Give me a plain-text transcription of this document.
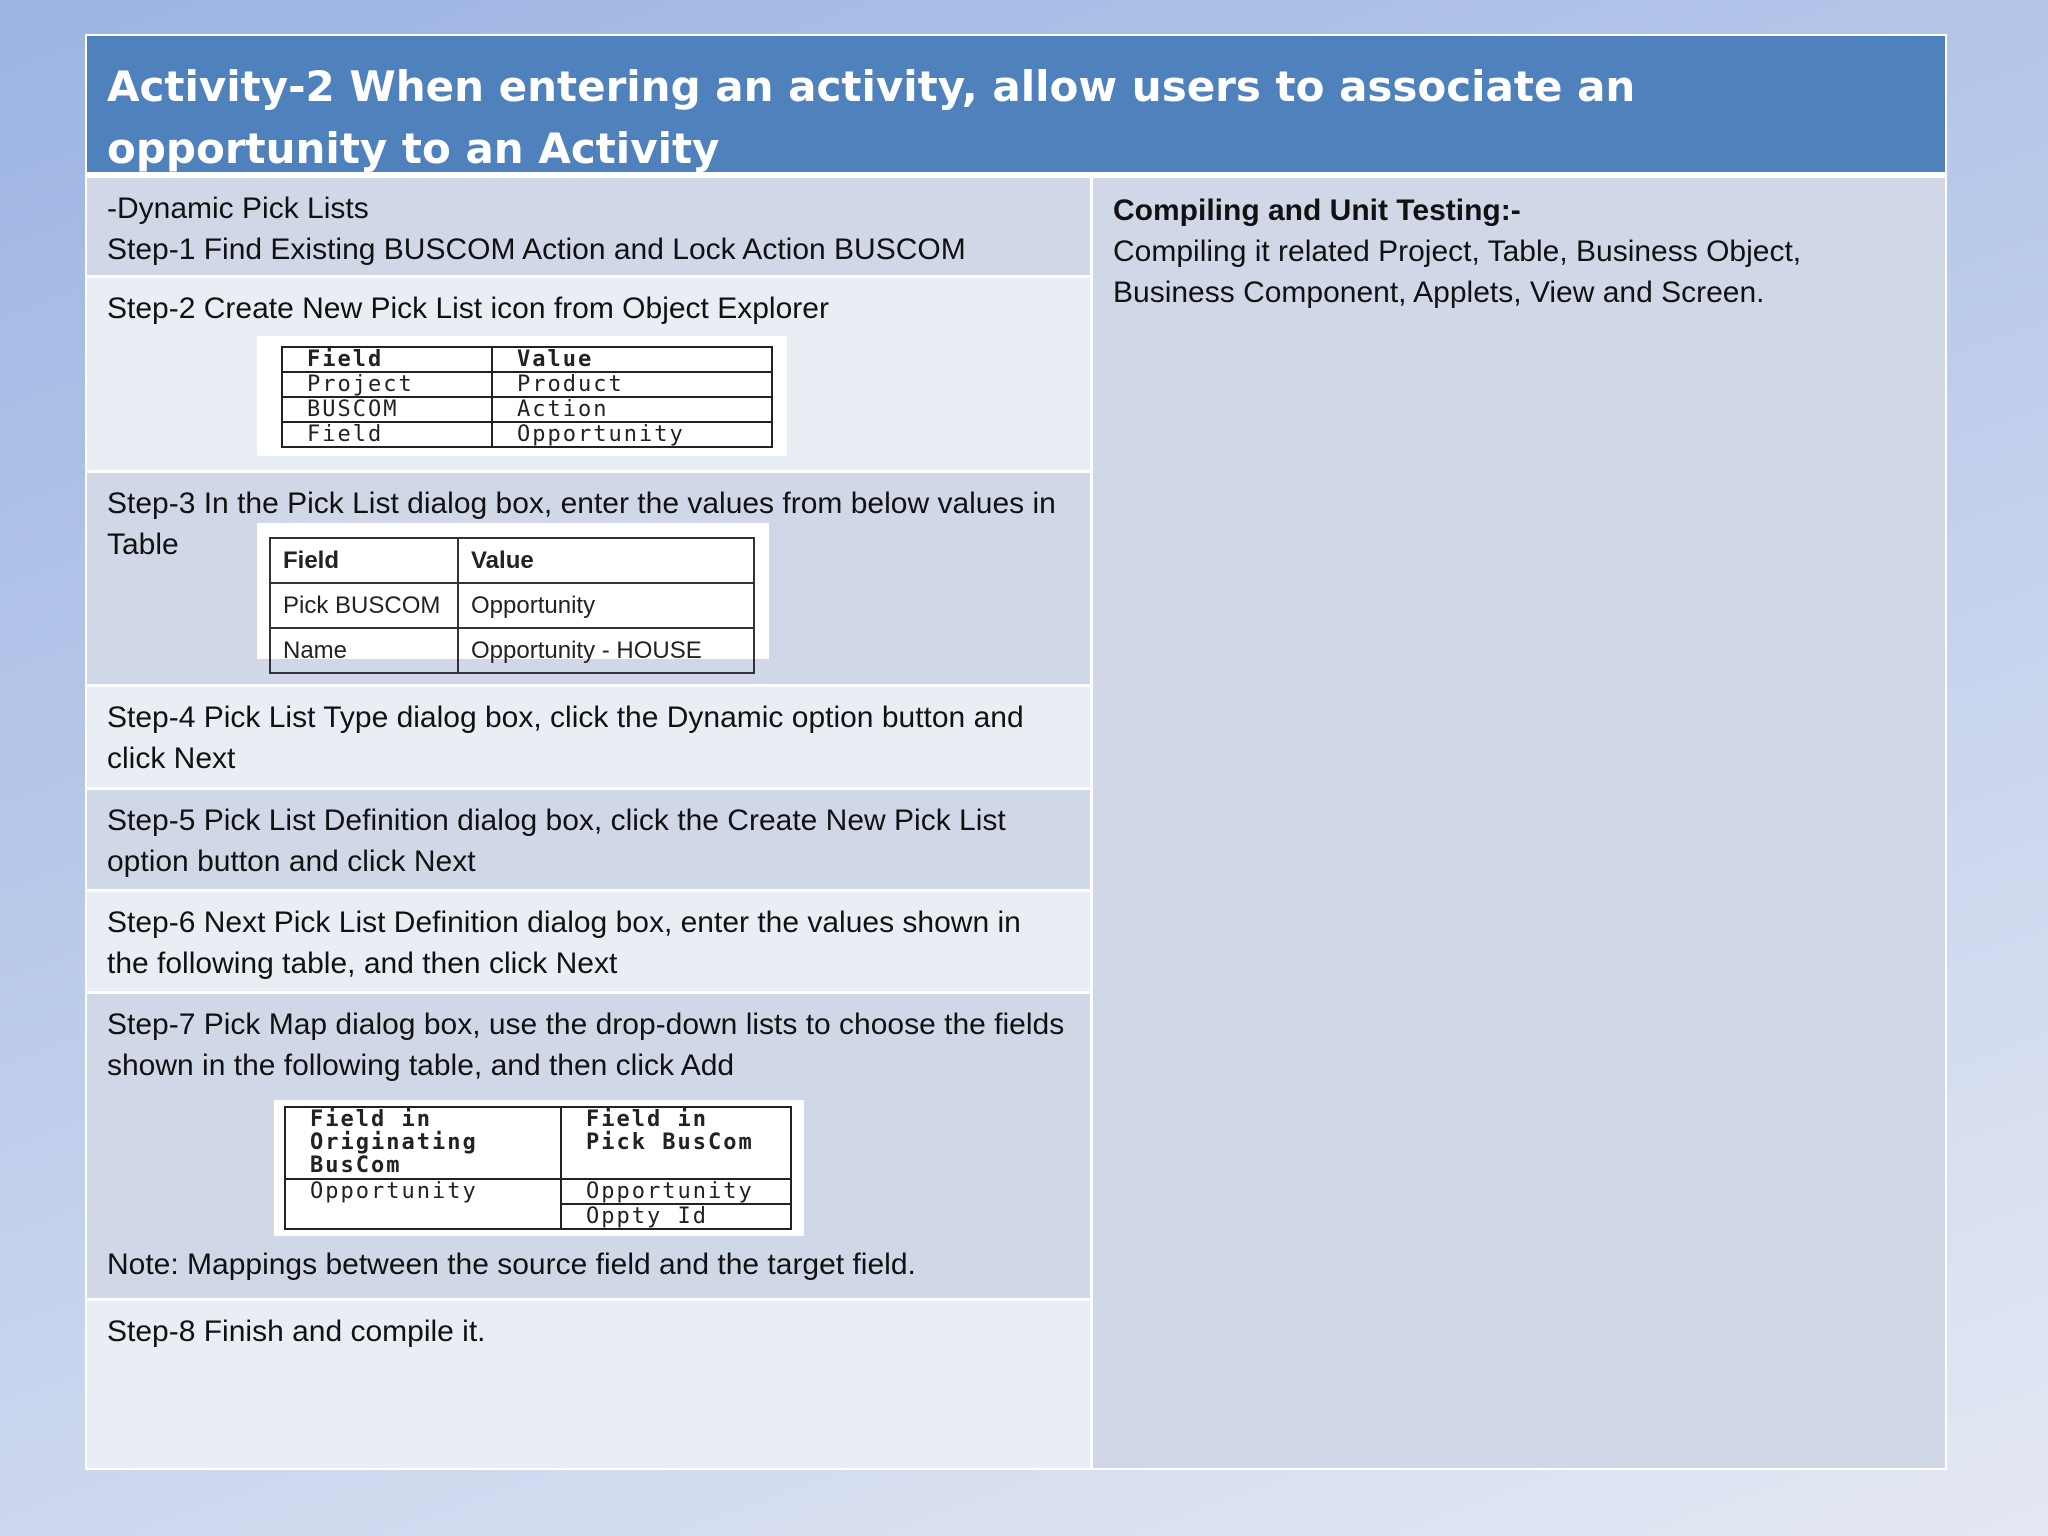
Activity-2 When entering an activity, allow users to associate an opportunity to an Activity
-Dynamic Pick Lists
Step-1 Find Existing BUSCOM Action and Lock Action BUSCOM
Step-2 Create New Pick List icon from Object Explorer
Field	Value
Project	Product
BUSCOM	Action
Field	Opportunity
Step-3 In the Pick List dialog box, enter the values from below values in Table	Field	Value
Pick BUSCOM	Opportunity
Name	Opportunity - HOUSE
Step-4 Pick List Type dialog box, click the Dynamic option button and click Next
Step-5 Pick List Definition dialog box, click the Create New Pick List option button and click Next
Step-6 Next Pick List Definition dialog box, enter the values shown in the following table, and then click Next
Step-7 Pick Map dialog box, use the drop-down lists to choose the fields shown in the following table, and then click Add
Field in Originating BusCom	Field in Pick BusCom
Opportunity	Opportunity
	Oppty Id
Note: Mappings between the source field and the target field.
Step-8 Finish and compile it.
Compiling and Unit Testing:-
Compiling it related Project, Table, Business Object, Business Component, Applets, View and Screen.
